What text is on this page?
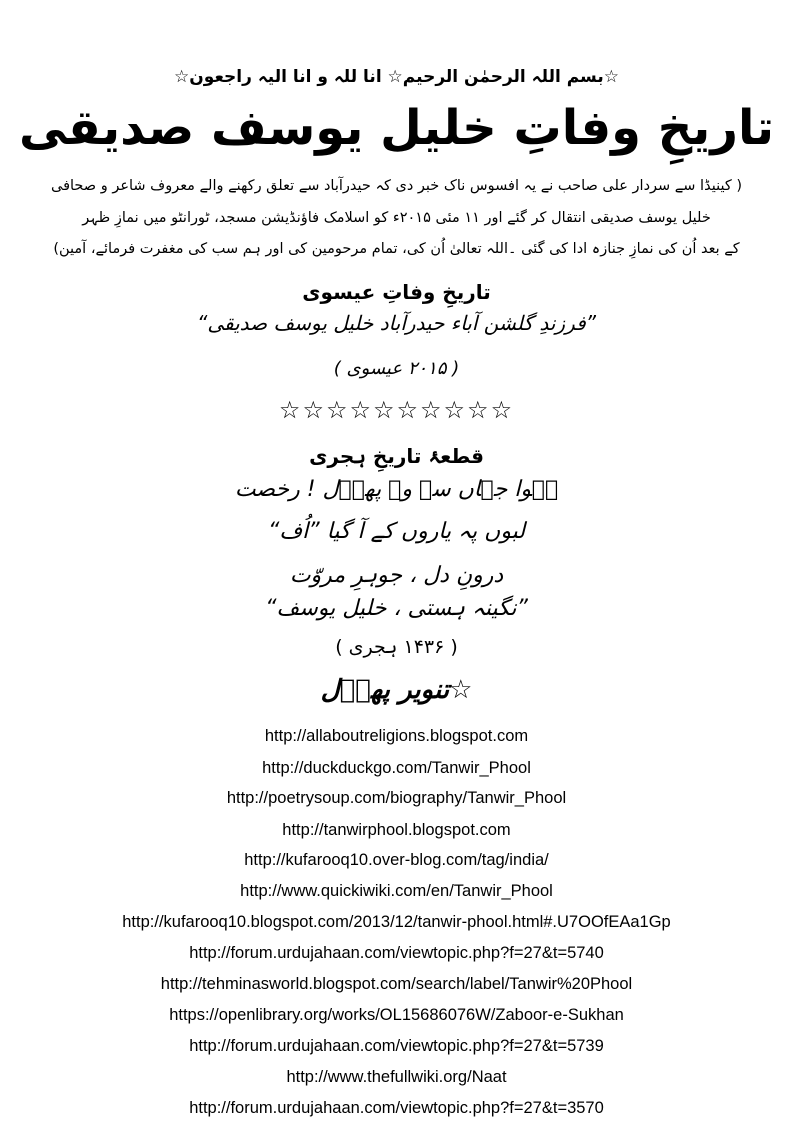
☆بسم اللہ الرحمٰن الرحیم☆ انا للہ و انا الیہ راجعون☆
تاریخِ وفاتِ خلیل یوسف صدیقی
( کینیڈا سے سردار علی صاحب نے یہ افسوس ناک خبر دی کہ حیدرآباد سے تعلق رکھنے والے معروف شاعر و صحافی
خلیل یوسف صدیقی انتقال کر گئے اور ۱۱ مئی ۲۰۱۵ء کو اسلامک فاؤنڈیشن مسجد، ٹورانٹو میں نمازِ ظہر
کے بعد اُن کی نمازِ جنازہ ادا کی گئی ۔اللہ تعالیٰ اُن کی، تمام مرحومین کی اور ہم سب کی مغفرت فرمائے، آمین)
تاریخِ وفاتِ عیسوی
”فرزندِ گلشن آباء حیدرآباد خلیل یوسف صدیقی“
( ۲۰۱۵ عیسوی )
☆☆☆☆☆☆☆☆☆☆
قطعۂ تاریخِ ہجری
ہُوا جہاں سے وہ پھوؔل ! رخصت
لبوں پہ یاروں کے آ گیا ”اُف“
درونِ دل ، جوہرِ مروّت
”نگینہ ہستی ، خلیل یوسف“
( ۱۴۳۶ ہجری )
☆تنویر پھوؔل
http://allaboutreligions.blogspot.com
http://duckduckgo.com/Tanwir_Phool
http://poetrysoup.com/biography/Tanwir_Phool
http://tanwirphool.blogspot.com
http://kufarooq10.over-blog.com/tag/india/
http://www.quickiwiki.com/en/Tanwir_Phool
http://kufarooq10.blogspot.com/2013/12/tanwir-phool.html#.U7OOfEAa1Gp
http://forum.urdujahaan.com/viewtopic.php?f=27&t=5740
http://tehminasworld.blogspot.com/search/label/Tanwir%20Phool
https://openlibrary.org/works/OL15686076W/Zaboor-e-Sukhan
http://forum.urdujahaan.com/viewtopic.php?f=27&t=5739
http://www.thefullwiki.org/Naat
http://forum.urdujahaan.com/viewtopic.php?f=27&t=3570
